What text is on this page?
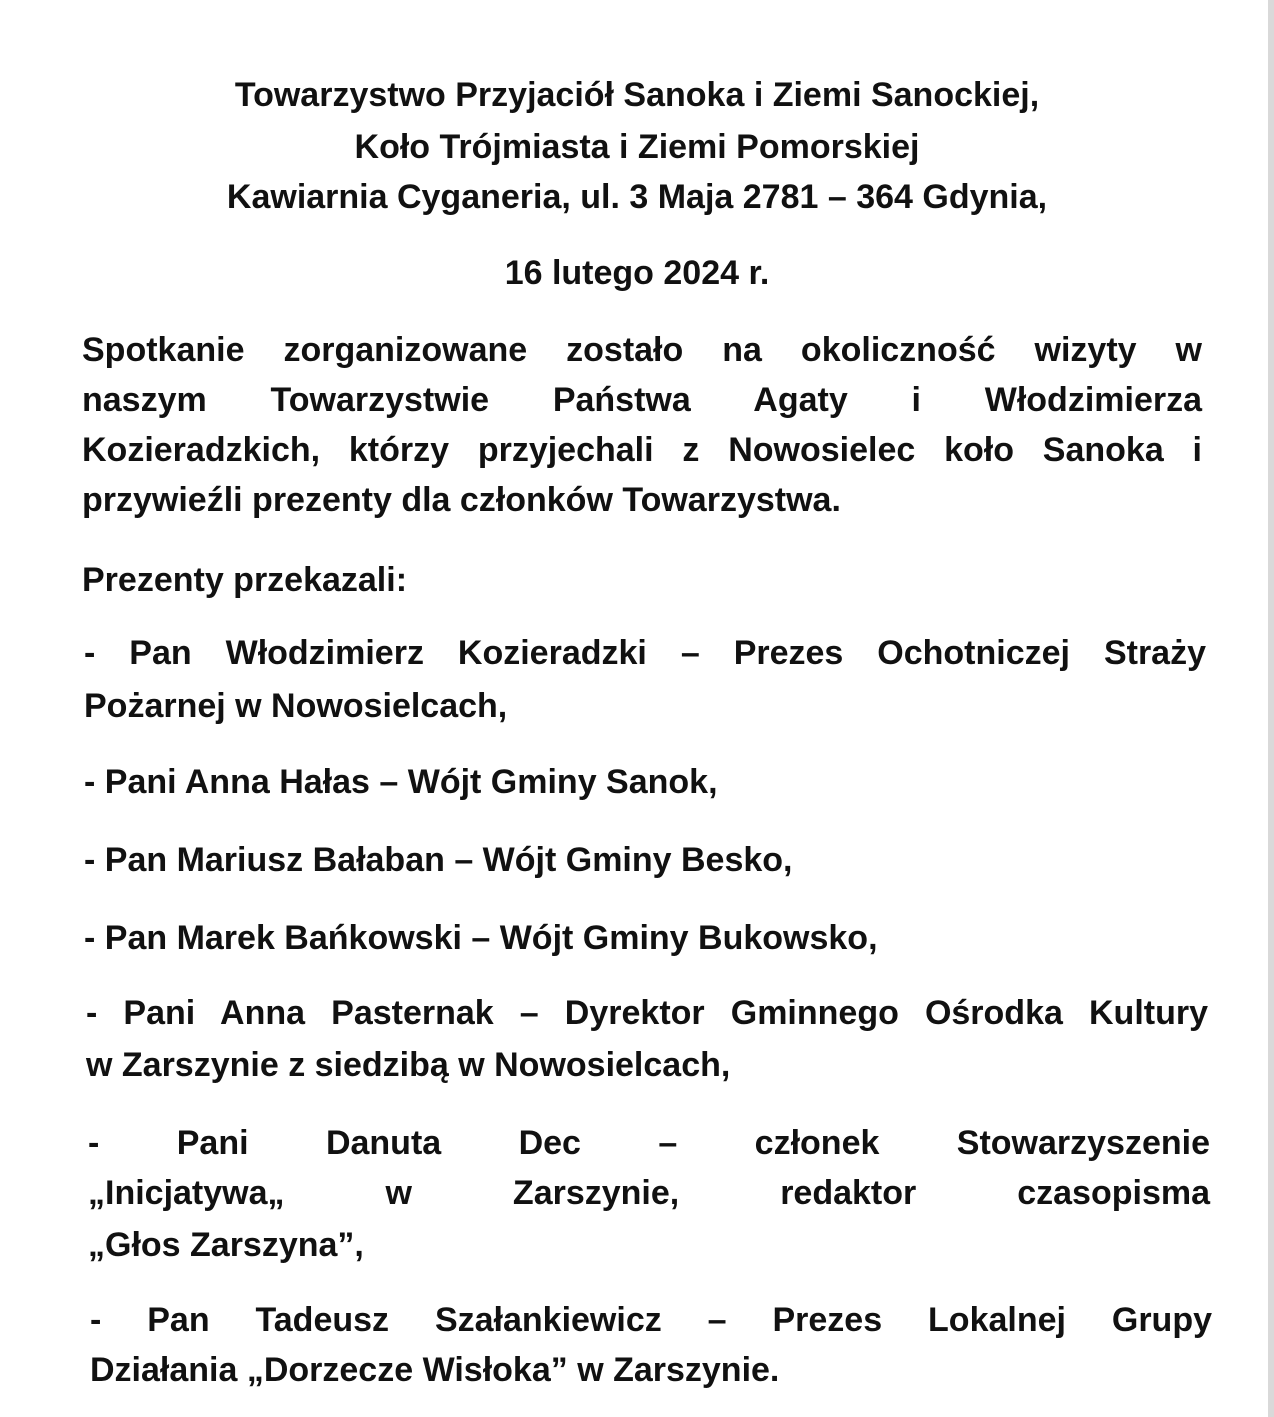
Towarzystwo Przyjaciół Sanoka i Ziemi Sanockiej,
Koło Trójmiasta i Ziemi Pomorskiej
Kawiarnia Cyganeria, ul. 3 Maja 2781 – 364 Gdynia,
16 lutego 2024 r.
Spotkanie zorganizowane zostało na okoliczność wizyty w
naszym Towarzystwie Państwa Agaty i Włodzimierza
Kozieradzkich, którzy przyjechali z Nowosielec koło Sanoka i
przywieźli prezenty dla członków Towarzystwa.
Prezenty przekazali:
- Pan Włodzimierz Kozieradzki – Prezes Ochotniczej Straży
Pożarnej w Nowosielcach,
- Pani Anna Hałas – Wójt Gminy Sanok,
- Pan Mariusz Bałaban – Wójt Gminy Besko,
- Pan Marek Bańkowski – Wójt Gminy Bukowsko,
- Pani Anna Pasternak – Dyrektor Gminnego Ośrodka Kultury
w Zarszynie z siedzibą w Nowosielcach,
- Pani Danuta Dec – członek Stowarzyszenie
„Inicjatywa„ w Zarszynie, redaktor czasopisma
„Głos Zarszyna”,
- Pan Tadeusz Szałankiewicz – Prezes Lokalnej Grupy
Działania „Dorzecze Wisłoka” w Zarszynie.
